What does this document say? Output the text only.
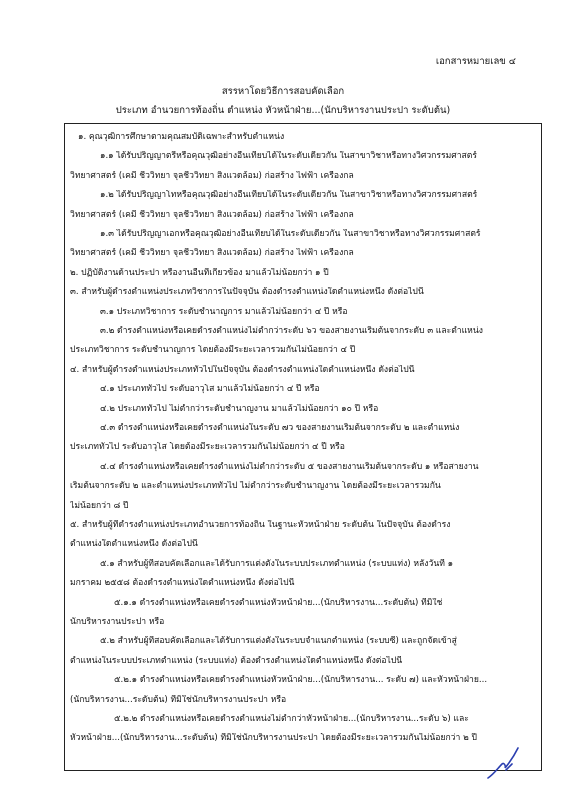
เอกสารหมายเลข ๔
สรรหาโดยวิธีการสอบคัดเลือก
ประเภท อำนวยการท้องถิ่น ตำแหน่ง หัวหน้าฝ่าย...(นักบริหารงานประปา ระดับต้น)
๑. คุณวุฒิการศึกษาตามคุณสมบัติเฉพาะสำหรับตำแหน่ง
๑.๑ ได้รับปริญญาตรีหรือคุณวุฒิอย่างอื่นเทียบได้ในระดับเดียวกัน ในสาขาวิชาหรือทางวิศวกรรมศาสตร์
วิทยาศาสตร์ (เคมี ชีววิทยา จุลชีววิทยา สิ่งแวดล้อม) ก่อสร้าง ไฟฟ้า เครื่องกล
๑.๒ ได้รับปริญญาโทหรือคุณวุฒิอย่างอื่นเทียบได้ในระดับเดียวกัน ในสาขาวิชาหรือทางวิศวกรรมศาสตร์
วิทยาศาสตร์ (เคมี ชีววิทยา จุลชีววิทยา สิ่งแวดล้อม) ก่อสร้าง ไฟฟ้า เครื่องกล
๑.๓ ได้รับปริญญาเอกหรือคุณวุฒิอย่างอื่นเทียบได้ในระดับเดียวกัน ในสาขาวิชาหรือทางวิศวกรรมศาสตร์
วิทยาศาสตร์ (เคมี ชีววิทยา จุลชีววิทยา สิ่งแวดล้อม) ก่อสร้าง ไฟฟ้า เครื่องกล
๒. ปฏิบัติงานด้านประปา หรืองานอื่นที่เกี่ยวข้อง มาแล้วไม่น้อยกว่า ๑ ปี
๓. สำหรับผู้ดำรงตำแหน่งประเภทวิชาการในปัจจุบัน ต้องดำรงตำแหน่งใดตำแหน่งหนึ่ง ดังต่อไปนี้
๓.๑ ประเภทวิชาการ ระดับชำนาญการ มาแล้วไม่น้อยกว่า ๔ ปี หรือ
๓.๒ ดำรงตำแหน่งหรือเคยดำรงตำแหน่งไม่ต่ำกว่าระดับ ๖ว ของสายงานเริ่มต้นจากระดับ ๓ และตำแหน่ง
ประเภทวิชาการ ระดับชำนาญการ โดยต้องมีระยะเวลารวมกันไม่น้อยกว่า ๔ ปี
๔. สำหรับผู้ดำรงตำแหน่งประเภททั่วไปในปัจจุบัน ต้องดำรงตำแหน่งใดตำแหน่งหนึ่ง ดังต่อไปนี้
๔.๑ ประเภททั่วไป ระดับอาวุโส มาแล้วไม่น้อยกว่า ๔ ปี หรือ
๔.๒ ประเภททั่วไป ไม่ต่ำกว่าระดับชำนาญงาน มาแล้วไม่น้อยกว่า ๑๐ ปี หรือ
๔.๓ ดำรงตำแหน่งหรือเคยดำรงตำแหน่งในระดับ ๗ว ของสายงานเริ่มต้นจากระดับ ๒ และตำแหน่ง
ประเภททั่วไป ระดับอาวุโส โดยต้องมีระยะเวลารวมกันไม่น้อยกว่า ๔ ปี หรือ
๔.๔ ดำรงตำแหน่งหรือเคยดำรงตำแหน่งไม่ต่ำกว่าระดับ ๕ ของสายงานเริ่มต้นจากระดับ ๑ หรือสายงาน
เริ่มต้นจากระดับ ๒ และตำแหน่งประเภททั่วไป ไม่ต่ำกว่าระดับชำนาญงาน โดยต้องมีระยะเวลารวมกัน
ไม่น้อยกว่า ๘ ปี
๕. สำหรับผู้ที่ดำรงตำแหน่งประเภทอำนวยการท้องถิ่น ในฐานะหัวหน้าฝ่าย ระดับต้น ในปัจจุบัน ต้องดำรง
ตำแหน่งใดตำแหน่งหนึ่ง ดังต่อไปนี้
๕.๑ สำหรับผู้ที่สอบคัดเลือกและได้รับการแต่งตั้งในระบบประเภทตำแหน่ง (ระบบแท่ง) หลังวันที่ ๑
มกราคม ๒๕๕๘ ต้องดำรงตำแหน่งใดตำแหน่งหนึ่ง ดังต่อไปนี้
๕.๑.๑ ดำรงตำแหน่งหรือเคยดำรงตำแหน่งหัวหน้าฝ่าย...(นักบริหารงาน...ระดับต้น) ที่มิใช่
นักบริหารงานประปา หรือ
๕.๒ สำหรับผู้ที่สอบคัดเลือกและได้รับการแต่งตั้งในระบบจำแนกตำแหน่ง (ระบบซี) และถูกจัดเข้าสู่
ตำแหน่งในระบบประเภทตำแหน่ง (ระบบแท่ง) ต้องดำรงตำแหน่งใดตำแหน่งหนึ่ง ดังต่อไปนี้
๕.๒.๑ ดำรงตำแหน่งหรือเคยดำรงตำแหน่งหัวหน้าฝ่าย...(นักบริหารงาน... ระดับ ๗) และหัวหน้าฝ่าย...
(นักบริหารงาน...ระดับต้น) ที่มิใช่นักบริหารงานประปา หรือ
๕.๒.๒ ดำรงตำแหน่งหรือเคยดำรงตำแหน่งไม่ต่ำกว่าหัวหน้าฝ่าย...(นักบริหารงาน...ระดับ ๖) และ
หัวหน้าฝ่าย...(นักบริหารงาน...ระดับต้น) ที่มิใช่นักบริหารงานประปา โดยต้องมีระยะเวลารวมกันไม่น้อยกว่า ๒ ปี
